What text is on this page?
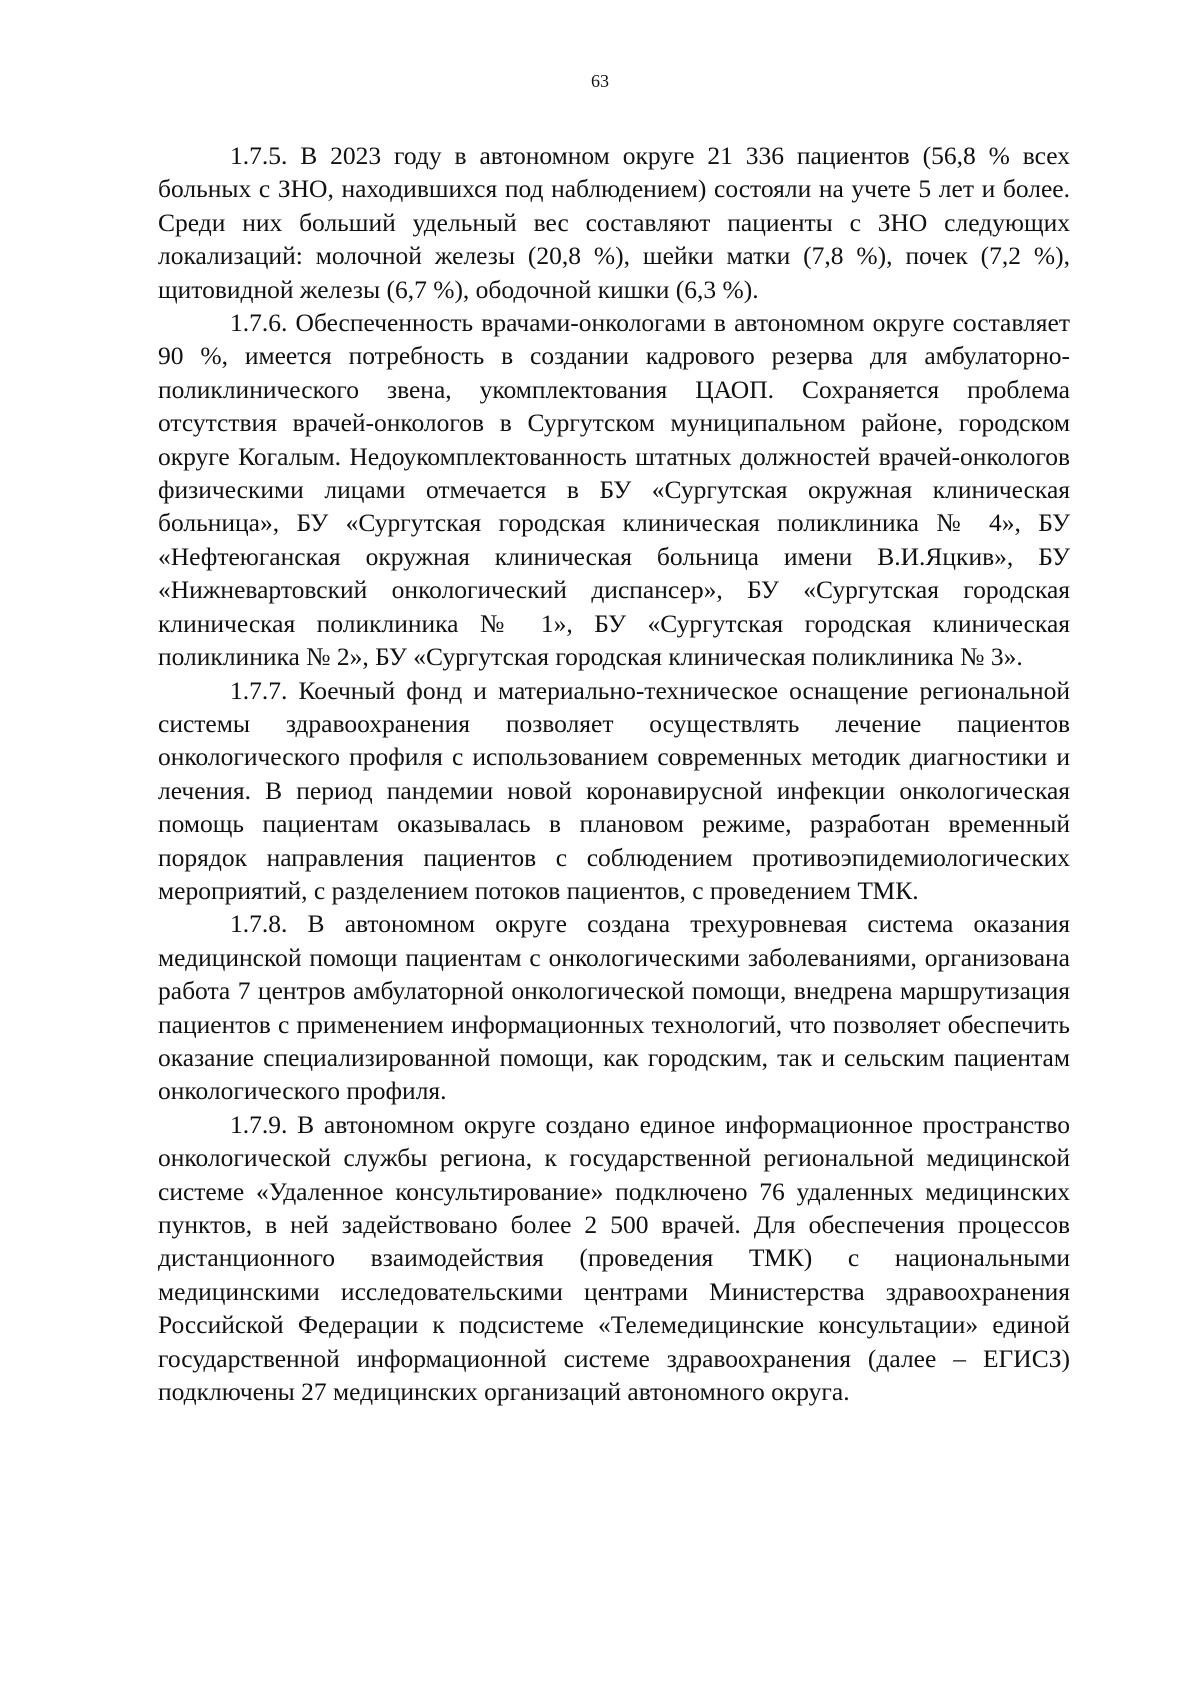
63

1.7.5. В 2023 году в автономном округе 21 336 пациентов (56,8 % всех больных с ЗНО, находившихся под наблюдением) состояли на учете 5 лет и более. Среди них больший удельный вес составляют пациенты с ЗНО следующих локализаций: молочной железы (20,8 %), шейки матки (7,8 %), почек (7,2 %), щитовидной железы (6,7 %), ободочной кишки (6,3 %).

1.7.6. Обеспеченность врачами-онкологами в автономном округе составляет 90 %, имеется потребность в создании кадрового резерва для амбулаторно-поликлинического звена, укомплектования ЦАОП. Сохраняется проблема отсутствия врачей-онкологов в Сургутском муниципальном районе, городском округе Когалым. Недоукомплектованность штатных должностей врачей-онкологов физическими лицами отмечается в БУ «Сургутская окружная клиническая больница», БУ «Сургутская городская клиническая поликлиника № 4», БУ «Нефтеюганская окружная клиническая больница имени В.И.Яцкив», БУ «Нижневартовский онкологический диспансер», БУ «Сургутская городская клиническая поликлиника № 1», БУ «Сургутская городская клиническая поликлиника № 2», БУ «Сургутская городская клиническая поликлиника № 3».

1.7.7. Коечный фонд и материально-техническое оснащение региональной системы здравоохранения позволяет осуществлять лечение пациентов онкологического профиля с использованием современных методик диагностики и лечения. В период пандемии новой коронавирусной инфекции онкологическая помощь пациентам оказывалась в плановом режиме, разработан временный порядок направления пациентов с соблюдением противоэпидемиологических мероприятий, с разделением потоков пациентов, с проведением ТМК.

1.7.8. В автономном округе создана трехуровневая система оказания медицинской помощи пациентам с онкологическими заболеваниями, организована работа 7 центров амбулаторной онкологической помощи, внедрена маршрутизация пациентов с применением информационных технологий, что позволяет обеспечить оказание специализированной помощи, как городским, так и сельским пациентам онкологического профиля.

1.7.9. В автономном округе создано единое информационное пространство онкологической службы региона, к государственной региональной медицинской системе «Удаленное консультирование» подключено 76 удаленных медицинских пунктов, в ней задействовано более 2 500 врачей. Для обеспечения процессов дистанционного взаимодействия (проведения ТМК) с национальными медицинскими исследовательскими центрами Министерства здравоохранения Российской Федерации к подсистеме «Телемедицинские консультации» единой государственной информационной системе здравоохранения (далее – ЕГИСЗ) подключены 27 медицинских организаций автономного округа.
